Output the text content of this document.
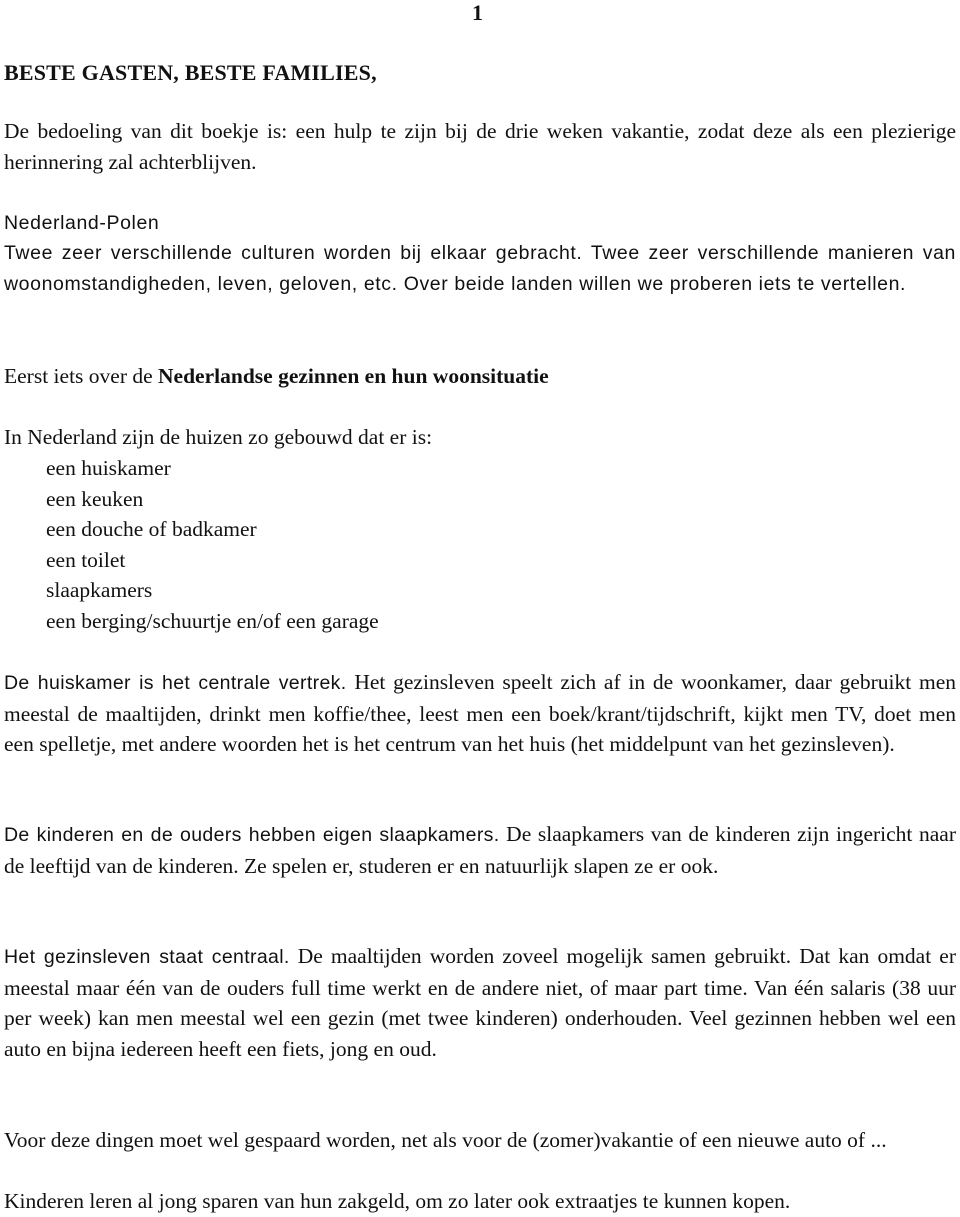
1
BESTE GASTEN, BESTE FAMILIES,

De bedoeling van dit boekje is: een hulp te zijn bij de drie weken vakantie, zodat deze als een plezierige herinnering zal achterblijven.

Nederland-Polen

Twee zeer verschillende culturen worden bij elkaar gebracht. Twee zeer verschillende manieren van woonomstandigheden, leven, geloven, etc. Over beide landen willen we proberen iets te vertellen.

Eerst iets over de Nederlandse gezinnen en hun woonsituatie

In Nederland zijn de huizen zo gebouwd dat er is:

een huiskamer
een keuken
een douche of badkamer
een toilet
slaapkamers
een berging/schuurtje en/of een garage

De huiskamer is het centrale vertrek. Het gezinsleven speelt zich af in de woonkamer, daar gebruikt men meestal de maaltijden, drinkt men koffie/thee, leest men een boek/krant/tijdschrift, kijkt men TV, doet men een spelletje, met andere woorden het is het centrum van het huis (het middelpunt van het gezinsleven).

De kinderen en de ouders hebben eigen slaapkamers. De slaapkamers van de kinderen zijn ingericht naar de leeftijd van de kinderen. Ze spelen er, studeren er en natuurlijk slapen ze er ook.

Het gezinsleven staat centraal. De maaltijden worden zoveel mogelijk samen gebruikt. Dat kan omdat er meestal maar één van de ouders full time werkt en de andere niet, of maar part time. Van één salaris (38 uur per week) kan men meestal wel een gezin (met twee kinderen) onderhouden. Veel gezinnen hebben wel een auto en bijna iedereen heeft een fiets, jong en oud.

Voor deze dingen moet wel gespaard worden, net als voor de (zomer)vakantie of een nieuwe auto of ...

Kinderen leren al jong sparen van hun zakgeld, om zo later ook extraatjes te kunnen kopen.
